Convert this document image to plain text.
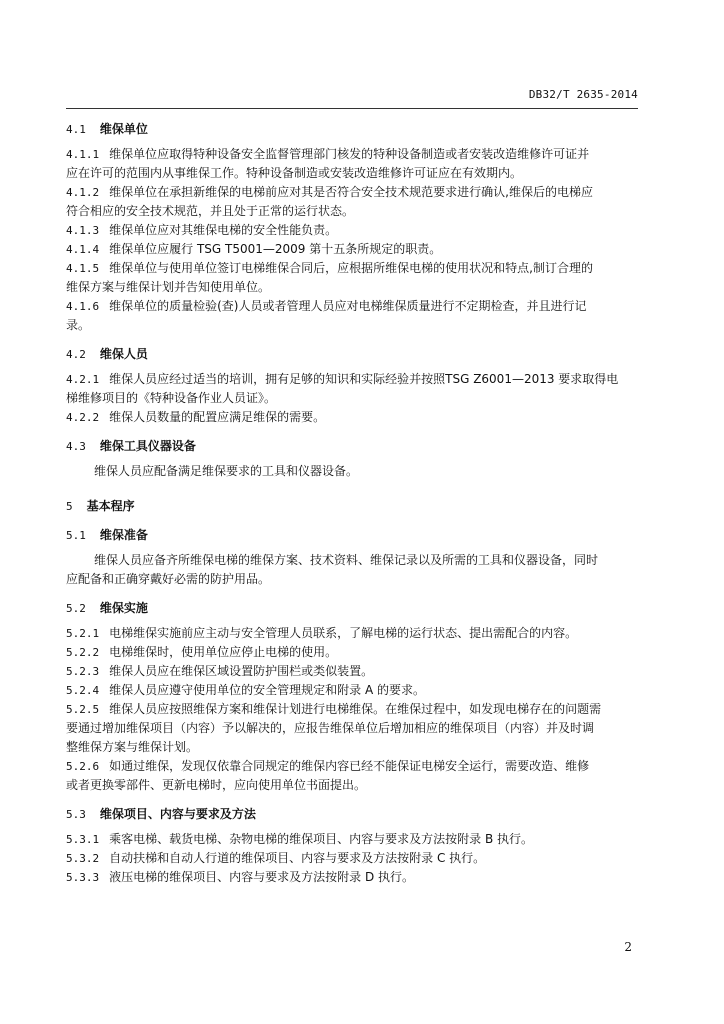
DB32/T 2635-2014
4.1 维保单位
4.1.1 维保单位应取得特种设备安全监督管理部门核发的特种设备制造或者安装改造维修许可证并
应在许可的范围内从事维保工作。特种设备制造或安装改造维修许可证应在有效期内。
4.1.2 维保单位在承担新维保的电梯前应对其是否符合安全技术规范要求进行确认,维保后的电梯应
符合相应的安全技术规范，并且处于正常的运行状态。
4.1.3 维保单位应对其维保电梯的安全性能负责。
4.1.4 维保单位应履行 TSG T5001—2009 第十五条所规定的职责。
4.1.5 维保单位与使用单位签订电梯维保合同后，应根据所维保电梯的使用状况和特点,制订合理的
维保方案与维保计划并告知使用单位。
4.1.6 维保单位的质量检验(查)人员或者管理人员应对电梯维保质量进行不定期检查，并且进行记
录。
4.2 维保人员
4.2.1 维保人员应经过适当的培训，拥有足够的知识和实际经验并按照TSG Z6001—2013 要求取得电
梯维修项目的《特种设备作业人员证》。
4.2.2 维保人员数量的配置应满足维保的需要。
4.3 维保工具仪器设备
维保人员应配备满足维保要求的工具和仪器设备。
5 基本程序
5.1 维保准备
维保人员应备齐所维保电梯的维保方案、技术资料、维保记录以及所需的工具和仪器设备，同时
应配备和正确穿戴好必需的防护用品。
5.2 维保实施
5.2.1 电梯维保实施前应主动与安全管理人员联系，了解电梯的运行状态、提出需配合的内容。
5.2.2 电梯维保时，使用单位应停止电梯的使用。
5.2.3 维保人员应在维保区域设置防护围栏或类似装置。
5.2.4 维保人员应遵守使用单位的安全管理规定和附录 A 的要求。
5.2.5 维保人员应按照维保方案和维保计划进行电梯维保。在维保过程中，如发现电梯存在的问题需
要通过增加维保项目（内容）予以解决的，应报告维保单位后增加相应的维保项目（内容）并及时调
整维保方案与维保计划。
5.2.6 如通过维保，发现仅依靠合同规定的维保内容已经不能保证电梯安全运行，需要改造、维修
或者更换零部件、更新电梯时，应向使用单位书面提出。
5.3 维保项目、内容与要求及方法
5.3.1 乘客电梯、载货电梯、杂物电梯的维保项目、内容与要求及方法按附录 B 执行。
5.3.2 自动扶梯和自动人行道的维保项目、内容与要求及方法按附录 C 执行。
5.3.3 液压电梯的维保项目、内容与要求及方法按附录 D 执行。
2
